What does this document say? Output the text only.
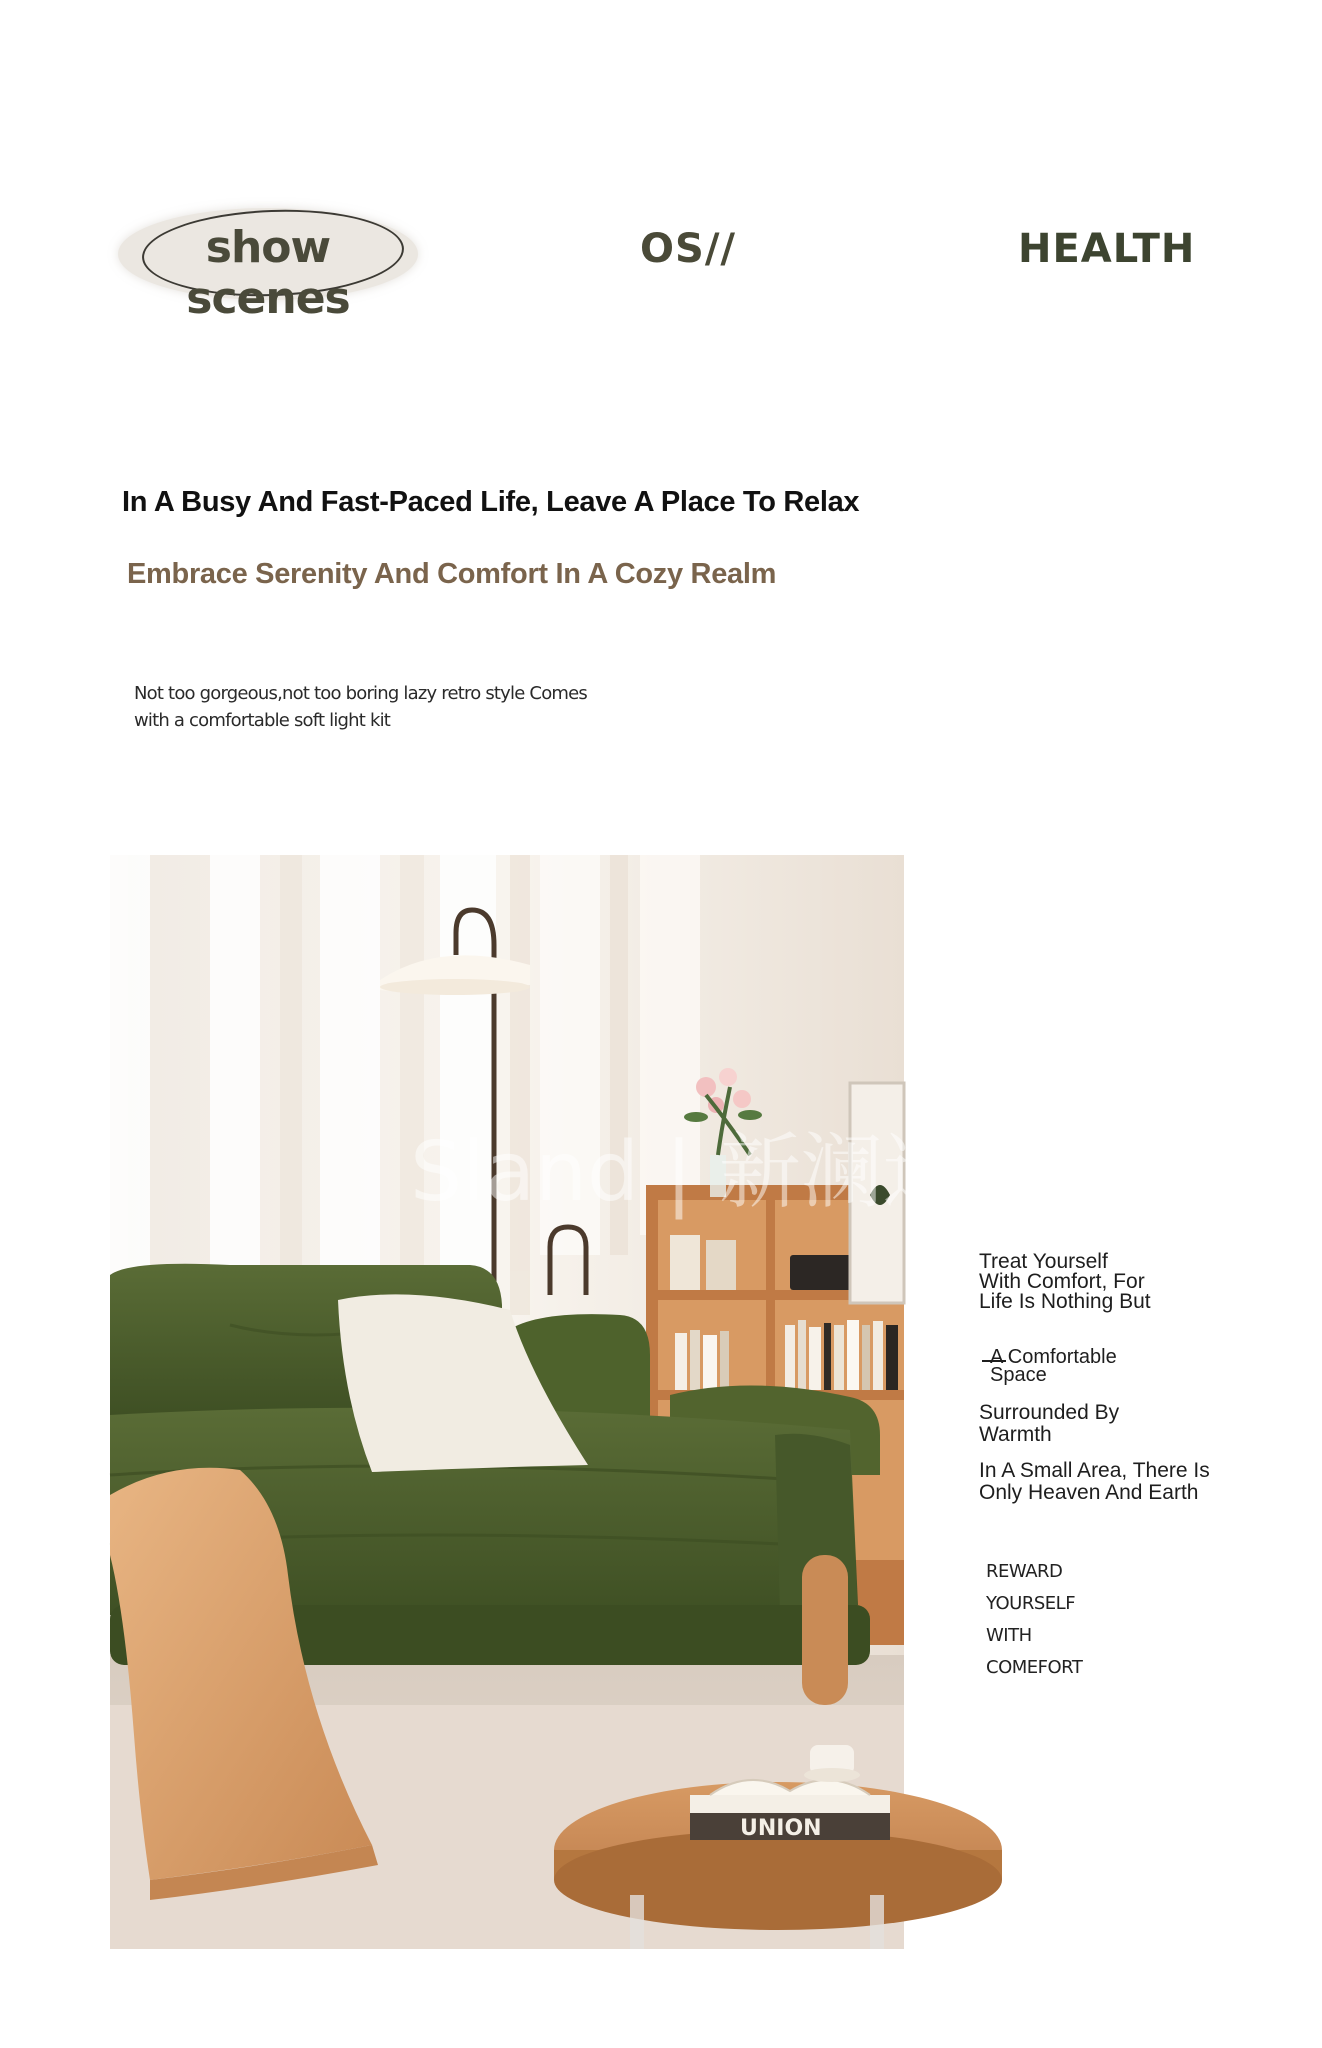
show scenes
OS//	HEALTH
In A Busy And Fast-Paced Life, Leave A Place To Relax
Embrace Serenity And Comfort In A Cozy Realm
Not too gorgeous,not too boring lazy retro style Comes
with a comfortable soft light kit
Sland | 新澜迪
UNION
Treat Yourself
With Comfort, For
Life Is Nothing But
A Comfortable
Space
Surrounded By
Warmth
In A Small Area, There Is
Only Heaven And Earth
REWARD
YOURSELF
WITH
COMEFORT
